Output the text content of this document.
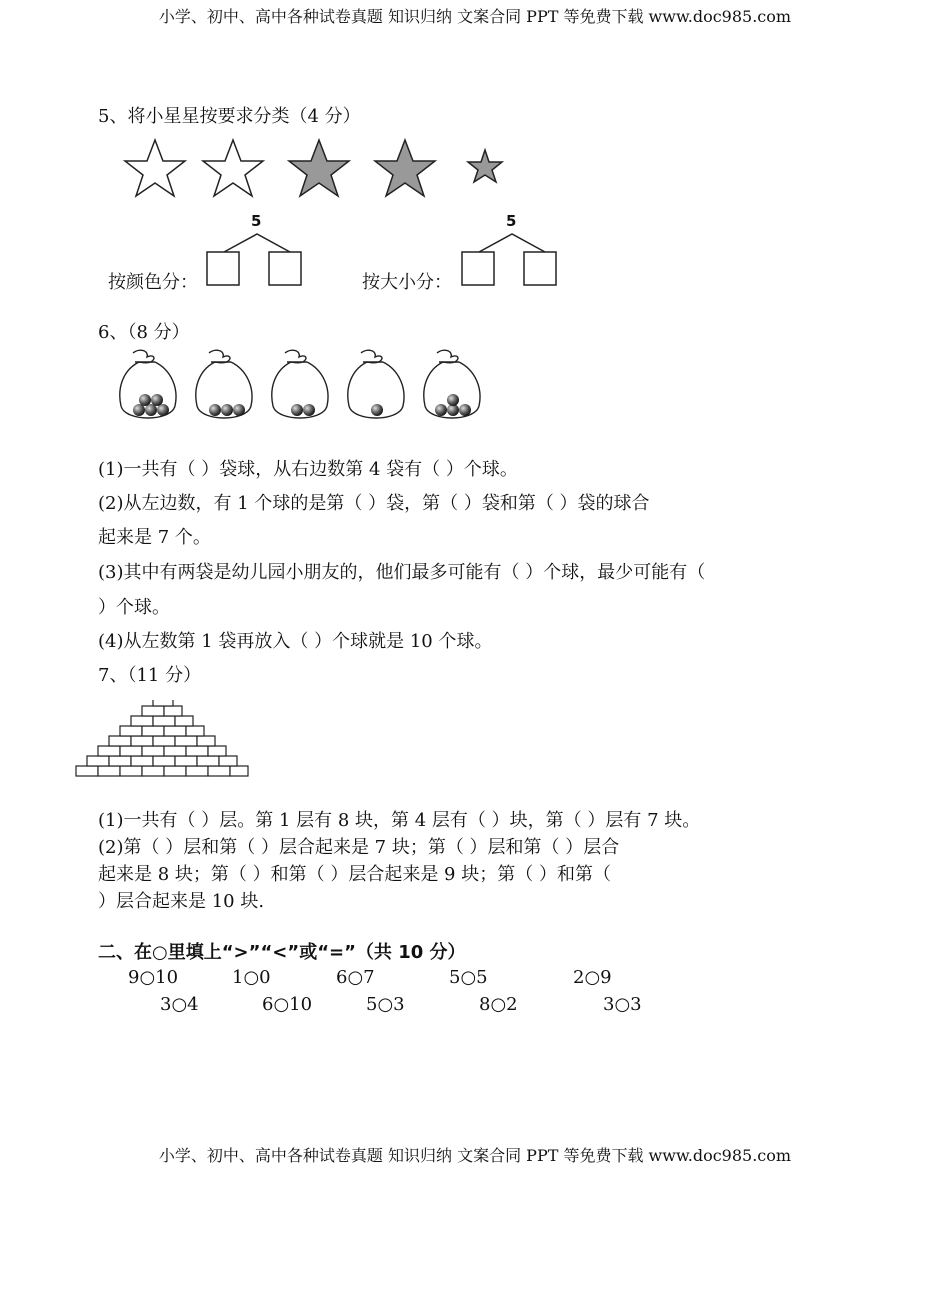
小学、初中、高中各种试卷真题 知识归纳 文案合同 PPT 等免费下载 www.doc985.com
5、将小星星按要求分类（4 分）
5
按颜色分：
5
按大小分：
6、（8 分）
(1)一共有（ ）袋球，从右边数第 4 袋有（ ）个球。
(2)从左边数，有 1 个球的是第（ ）袋，第（ ）袋和第（ ）袋的球合
起来是 7 个。
(3)其中有两袋是幼儿园小朋友的，他们最多可能有（ ）个球，最少可能有（
）个球。
(4)从左数第 1 袋再放入（ ）个球就是 10 个球。
7、（11 分）
(1)一共有（ ）层。第 1 层有 8 块，第 4 层有（ ）块，第（ ）层有 7 块。
(2)第（ ）层和第（ ）层合起来是 7 块；第（ ）层和第（ ）层合
起来是 8 块；第（ ）和第（ ）层合起来是 9 块；第（ ）和第（
）层合起来是 10 块.
二、在○里填上“>”“<”或“=”（共 10 分）
9○10	1○0	6○7	5○5	2○9
3○4	6○10	5○3	8○2	3○3
小学、初中、高中各种试卷真题 知识归纳 文案合同 PPT 等免费下载 www.doc985.com
